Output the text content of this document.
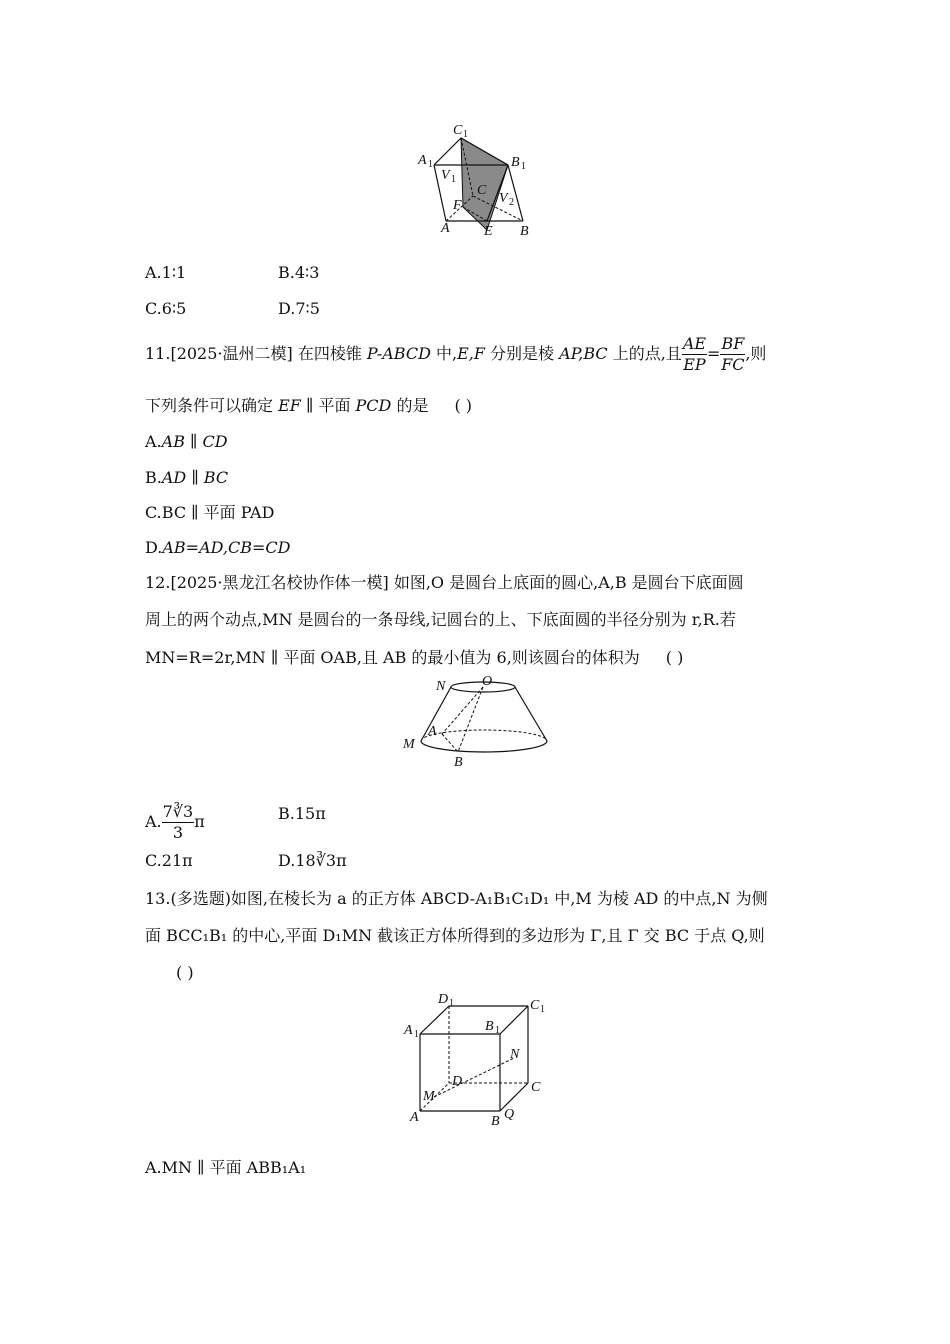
C 1
A 1	B 1
V 1
C
V 2
F
A E B
A.1∶1	B.4∶3
C.6∶5	D.7∶5
11.[2025·温州二模] 在四棱锥 P-ABCD 中,E,F 分别是棱 AP,BC 上的点,且 $\frac{AE}{EP} = \frac{BF}{FC}$ ,则
下列条件可以确定 EF ∥ 平面 PCD 的是 ( )
A.AB ∥ CD
B.AD ∥ BC
C.BC ∥ 平面 PAD
D.AB=AD,CB=CD
12.[2025·黑龙江名校协作体一模] 如图,O 是圆台上底面的圆心,A,B 是圆台下底面圆
周上的两个动点,MN 是圆台的一条母线,记圆台的上、下底面圆的半径分别为 r,R.若
MN=R=2r,MN ∥ 平面 OAB,且 AB 的最小值为 6,则该圆台的体积为 ( )
N	O
A
M
B
A. $\frac{7∛3}{3}$ π	B.15π
C.21π	D.18∛3π
13.(多选题)如图,在棱长为 a 的正方体 ABCD-A₁B₁C₁D₁ 中,M 为棱 AD 的中点,N 为侧
面 BCC₁B₁ 的中心,平面 D₁MN 截该正方体所得到的多边形为 Γ,且 Γ 交 BC 于点 Q,则
( )
D 1	C 1
A 1
B 1
N
D	C
M
A	B Q
A.MN ∥ 平面 ABB₁A₁
